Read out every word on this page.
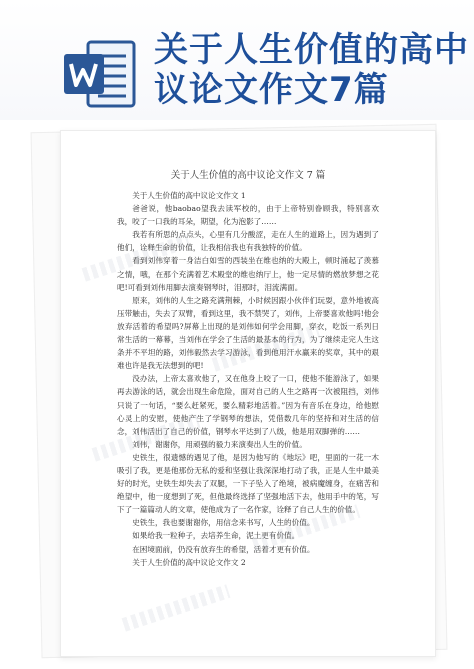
关于人生价值的高中议论文作文7篇
关于人生价值的高中议论文作文 7 篇

关于人生价值的高中议论文作文 1

爸爸说，他baobao望我去读军校的，由于上帝特别眷顾我，特别喜欢我，咬了一口我的耳朵，期望，化为泡影了……

我若有所思的点点头，心里有几分酸涩，走在人生的道路上，因为遇到了他们，诠释生命的价值，让我相信我也有我独特的价值。

看到刘伟穿着一身洁白如雪的西装坐在维也纳的大殿上，顿时涌起了羡慕之情，哦，在那个充满着艺术殿堂的维也纳厅上，他一定尽情的燃放梦想之花吧!可看到刘伟用脚去演奏钢琴时，泪那时，泪流满面。

原来，刘伟的人生之路充满荆棘，小时候因跟小伙伴们玩耍，意外地被高压带触击，失去了双臂，看到这里，我不禁哭了，刘伟，上帝要喜欢他吗!他会放弃活着的希望吗?屏幕上出现的是刘伟如何学会用脚，穿衣，吃饭一系列日常生活的一幕幕，当刘伟在学会了生活的最基本的行为，为了继续走完人生这条并不平坦的路，刘伟毅然去学习游泳，看到他用汗水赢来的奖章，其中的艰难也许是我无法想到的吧!

没办法，上帝太喜欢他了，又在他身上咬了一口，使他不能游泳了，如果再去游泳的话，就会出现生命危险，面对自己的人生之路再一次被阻挡，刘伟只说了一句话，“要么赶紧死，要么精彩地活着。”因为有音乐在身边，给他慰心灵上的安慰，使他产生了学钢琴的想法，凭借数几年的坚持和对生活的信念，刘伟活出了自己的价值，钢琴水平达到了八级，他是用双脚弹的……

刘伟，谢谢你，用顽强的毅力来演奏出人生的价值。

史铁生，很遗憾的遇见了他，是因为他写的《地坛》吧，里面的一花一木吸引了我，更是他那份无私的爱和坚强让我深深地打动了我，正是人生中最美好的时光，史铁生却失去了双腿，一下子坠入了绝境，被病魔缠身，在痛苦和绝望中，他一度想到了死，但他最终选择了坚强地活下去，他用手中的笔，写下了一篇篇动人的文章，使他成为了一名作家，诠释了自己人生的价值。

史铁生，我也要谢谢你，用信念来书写，人生的价值。

如果给我一粒种子，去培养生命，泥土更有价值。

在困境面前，仍没有放弃生的希望，活着才更有价值。

关于人生价值的高中议论文作文 2
